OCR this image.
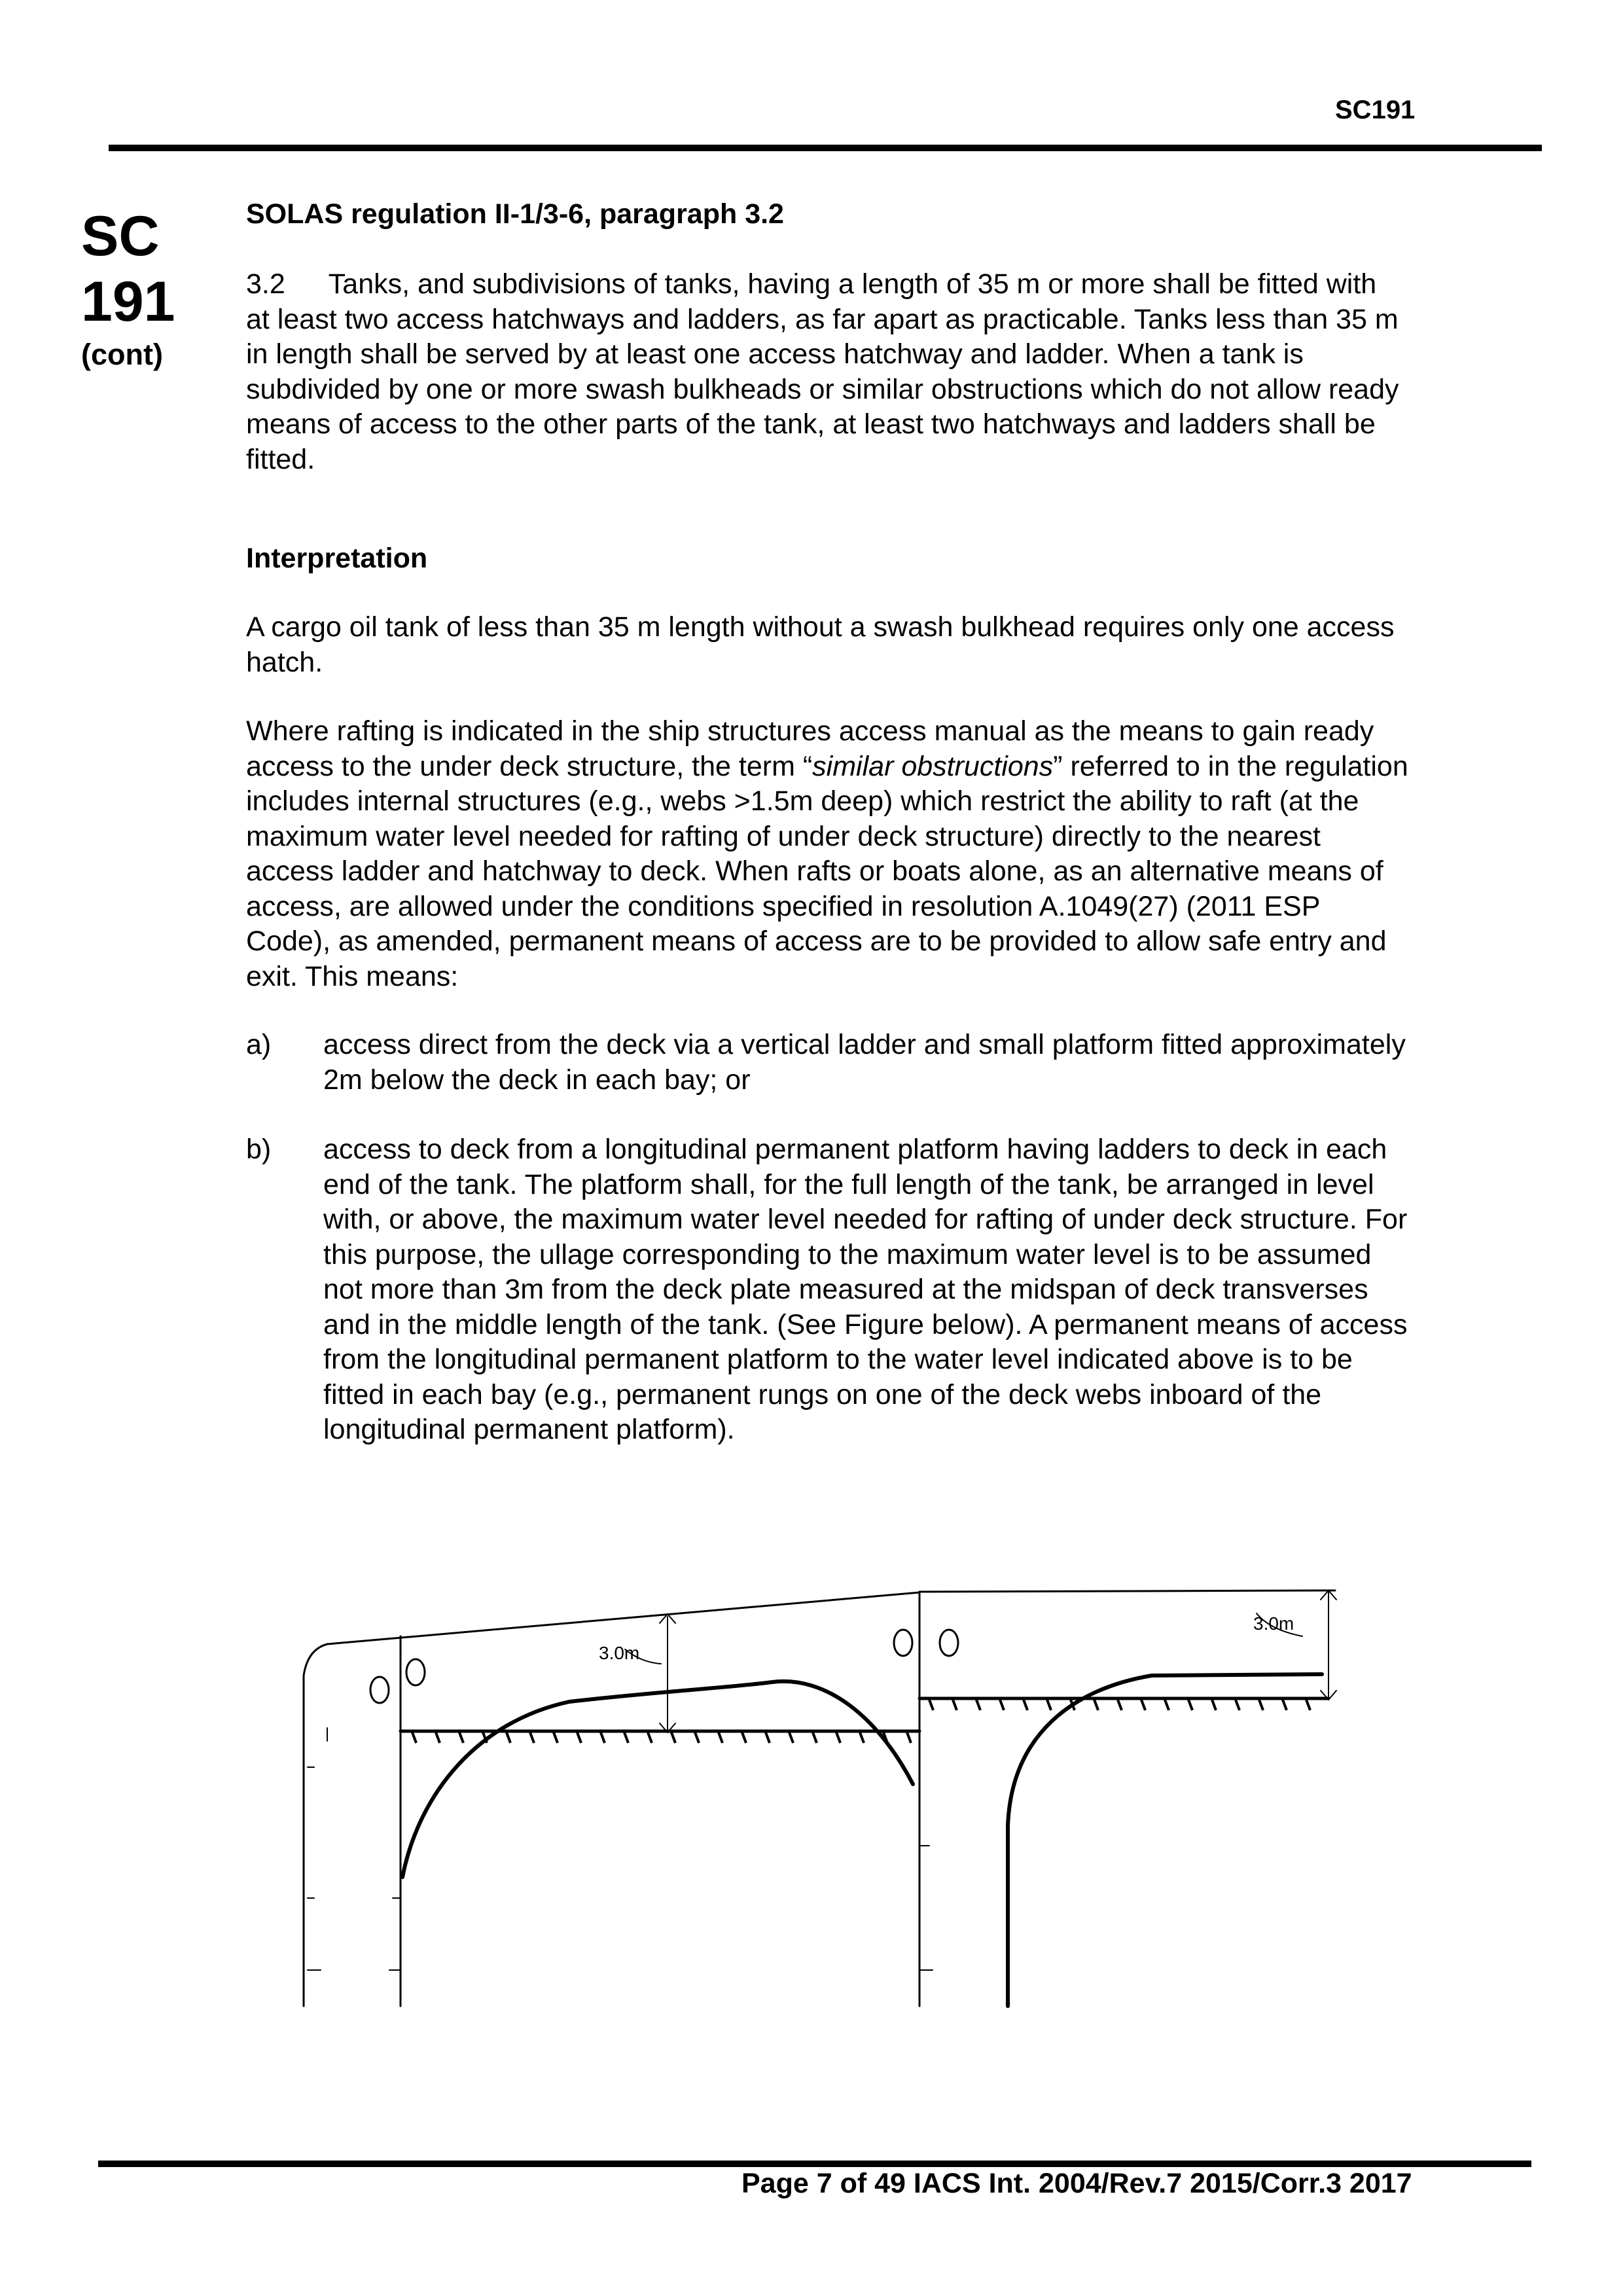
SC191
SC
191
(cont)
SOLAS regulation II-1/3-6, paragraph 3.2
3.2 Tanks, and subdivisions of tanks, having a length of 35 m or more shall be fitted with
at least two access hatchways and ladders, as far apart as practicable. Tanks less than 35 m
in length shall be served by at least one access hatchway and ladder. When a tank is
subdivided by one or more swash bulkheads or similar obstructions which do not allow ready
means of access to the other parts of the tank, at least two hatchways and ladders shall be
fitted.
Interpretation
A cargo oil tank of less than 35 m length without a swash bulkhead requires only one access
hatch.
Where rafting is indicated in the ship structures access manual as the means to gain ready
access to the under deck structure, the term “similar obstructions” referred to in the regulation
includes internal structures (e.g., webs >1.5m deep) which restrict the ability to raft (at the
maximum water level needed for rafting of under deck structure) directly to the nearest
access ladder and hatchway to deck. When rafts or boats alone, as an alternative means of
access, are allowed under the conditions specified in resolution A.1049(27) (2011 ESP
Code), as amended, permanent means of access are to be provided to allow safe entry and
exit. This means:
a) access direct from the deck via a vertical ladder and small platform fitted approximately
2m below the deck in each bay; or
b) access to deck from a longitudinal permanent platform having ladders to deck in each
end of the tank. The platform shall, for the full length of the tank, be arranged in level
with, or above, the maximum water level needed for rafting of under deck structure. For
this purpose, the ullage corresponding to the maximum water level is to be assumed
not more than 3m from the deck plate measured at the midspan of deck transverses
and in the middle length of the tank. (See Figure below). A permanent means of access
from the longitudinal permanent platform to the water level indicated above is to be
fitted in each bay (e.g., permanent rungs on one of the deck webs inboard of the
longitudinal permanent platform).
3.0m
3.0m
Page 7 of 49 IACS Int. 2004/Rev.7 2015/Corr.3 2017
